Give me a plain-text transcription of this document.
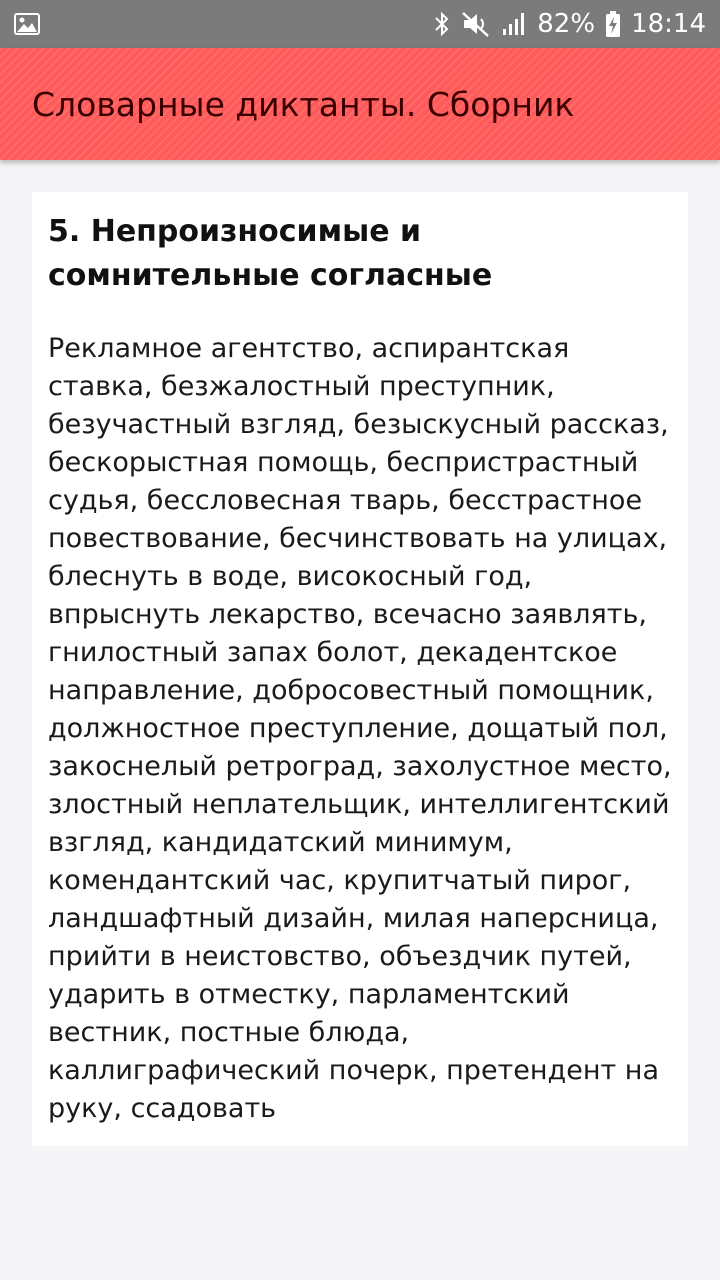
82% 18:14
Словарные диктанты. Сборник
5. Непроизносимые и сомнительные согласные

Рекламное агентство, аспирантская ставка, безжалостный преступник, безучастный взгляд, безыскусный рассказ, бескорыстная помощь, беспристрастный судья, бессловесная тварь, бесстрастное повествование, бесчинствовать на улицах, блеснуть в воде, високосный год, впрыснуть лекарство, всечасно заявлять, гнилостный запах болот, декадентское направление, добросовестный помощник, должностное преступление, дощатый пол, закоснелый ретроград, захолустное место, злостный неплательщик, интеллигентский взгляд, кандидатский минимум, комендантский час, крупитчатый пирог, ландшафтный дизайн, милая наперсница, прийти в неистовство, объездчик путей, ударить в отместку, парламентский вестник, постные блюда, каллиграфический почерк, претендент на руку, ссадовать
